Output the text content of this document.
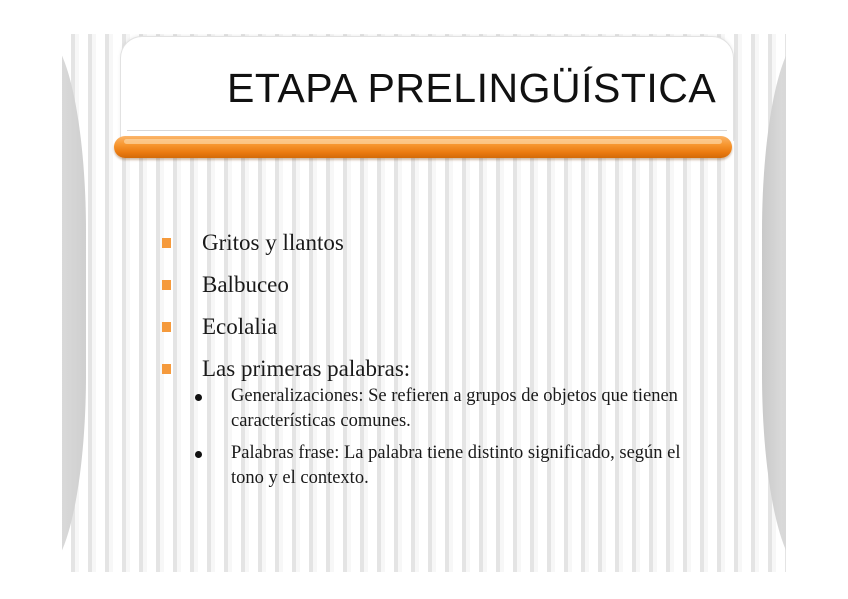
ETAPA PRELINGÜÍSTICA
Gritos y llantos
Balbuceo
Ecolalia
Las primeras palabras:
Generalizaciones: Se refieren a grupos de objetos que tienen características comunes.
Palabras frase: La palabra tiene distinto significado, según el tono y el contexto.
